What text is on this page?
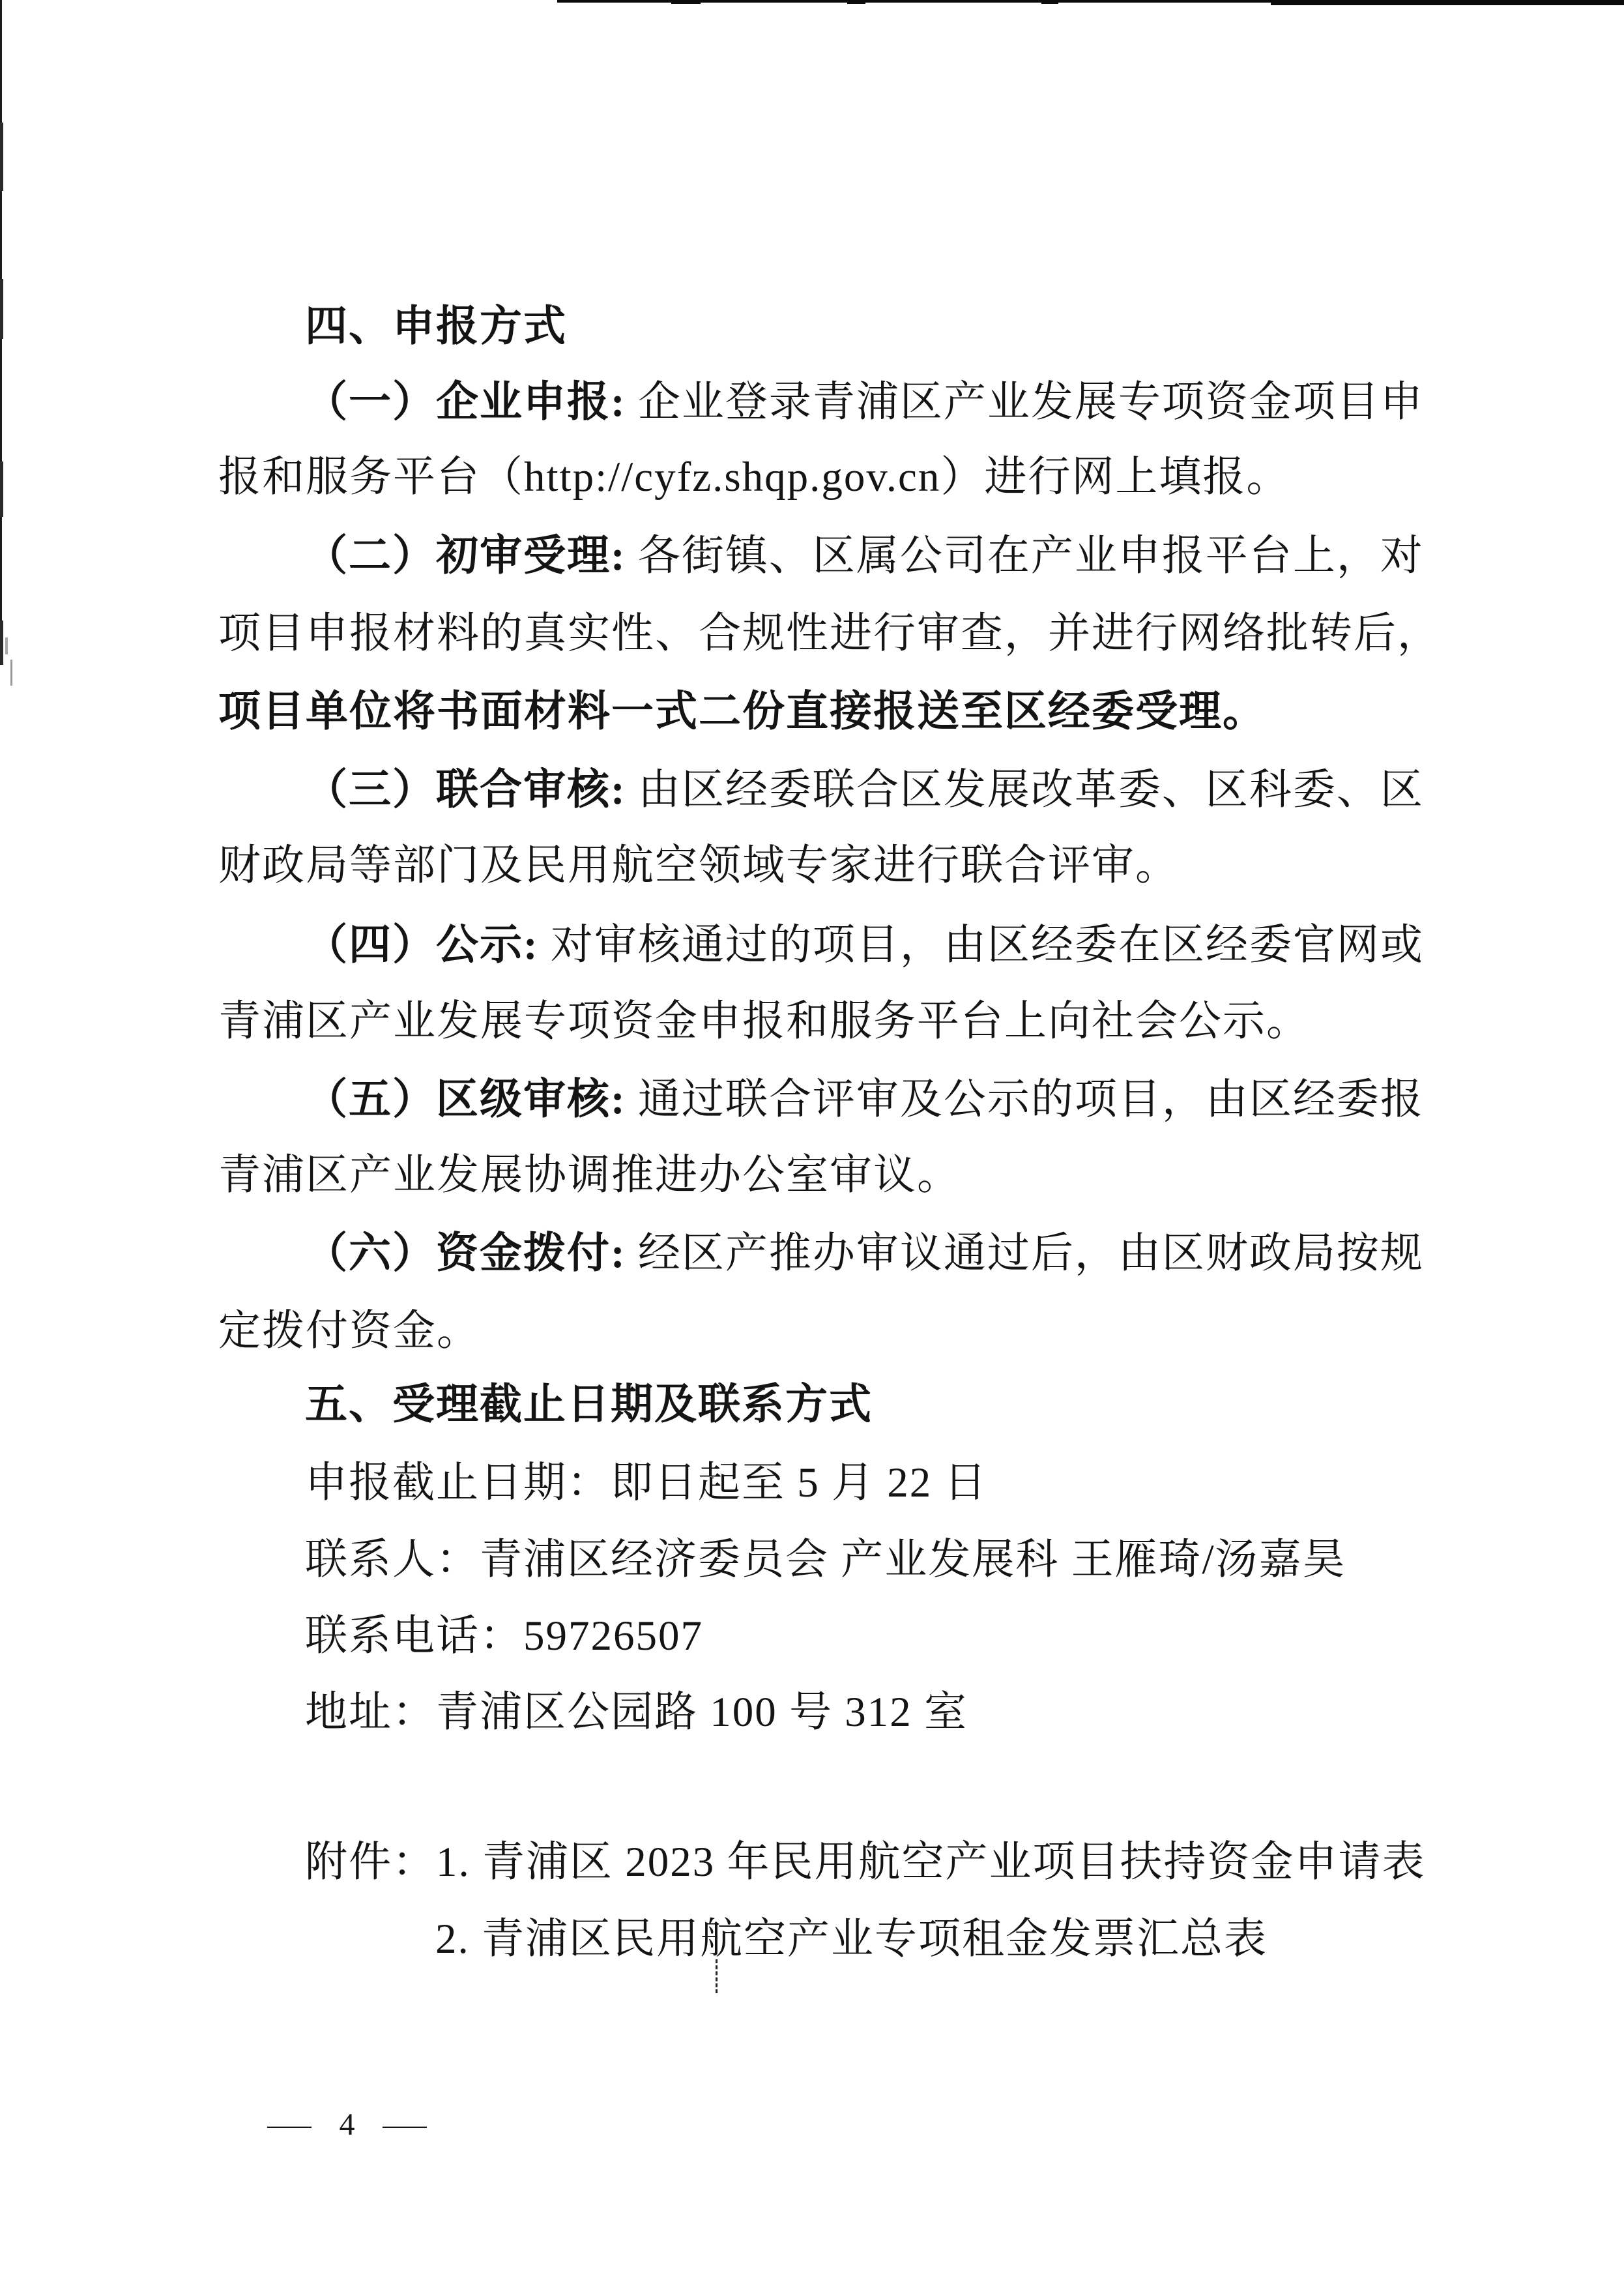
四、申报方式
（一）企业申报: 企业登录青浦区产业发展专项资金项目申
报和服务平台（http://cyfz.shqp.gov.cn）进行网上填报。
（二）初审受理: 各街镇、区属公司在产业申报平台上，对
项目申报材料的真实性、合规性进行审查，并进行网络批转后，
项目单位将书面材料一式二份直接报送至区经委受理。
（三）联合审核: 由区经委联合区发展改革委、区科委、区
财政局等部门及民用航空领域专家进行联合评审。
（四）公示: 对审核通过的项目，由区经委在区经委官网或
青浦区产业发展专项资金申报和服务平台上向社会公示。
（五）区级审核: 通过联合评审及公示的项目，由区经委报
青浦区产业发展协调推进办公室审议。
（六）资金拨付: 经区产推办审议通过后，由区财政局按规
定拨付资金。
五、受理截止日期及联系方式
申报截止日期：即日起至 5 月 22 日
联系人：青浦区经济委员会 产业发展科 王雁琦/汤嘉昊
联系电话：59726507
地址：青浦区公园路 100 号 312 室
附件：1. 青浦区 2023 年民用航空产业项目扶持资金申请表
2. 青浦区民用航空产业专项租金发票汇总表
— 4 —
